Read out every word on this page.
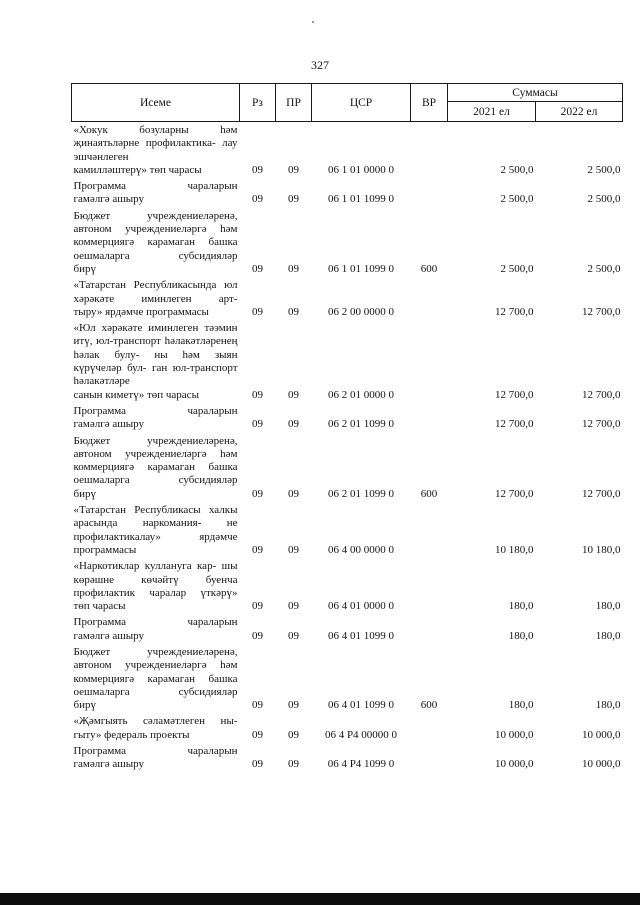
327
Исеме	Рз	ПР	ЦСР	ВР	Суммасы	
					2021 ел	2022 ел
«Хокук бозуларны һәм җинаятьләрне профилактика- лау эшчәнлеген
камилләштерү» төп чарасы	09	09	06 1 01 0000 0		2 500,0	2 500,0
Программа чараларын
гамәлгә ашыру	09	09	06 1 01 1099 0		2 500,0	2 500,0
Бюджет учреждениеләренә, автоном учреждениеләргә һәм коммерциягә карамаган башка оешмаларга субсидияләр
бирү	09	09	06 1 01 1099 0	600	2 500,0	2 500,0
«Татарстан Республикасында юл хәрәкәте иминлеген арт-
тыру» ярдәмче программасы	09	09	06 2 00 0000 0		12 700,0	12 700,0
«Юл хәрәкәте иминлеген тәэмин итү, юл-транспорт һәлакәтләренең һәлак булу- ны һәм зыян күрүчеләр бул- ган юл-транспорт һәлакәтләре
санын киметү» төп чарасы	09	09	06 2 01 0000 0		12 700,0	12 700,0
Программа чараларын
гамәлгә ашыру	09	09	06 2 01 1099 0		12 700,0	12 700,0
Бюджет учреждениеләренә, автоном учреждениеләргә һәм коммерциягә карамаган башка оешмаларга субсидияләр
бирү	09	09	06 2 01 1099 0	600	12 700,0	12 700,0
«Татарстан Республикасы халкы арасында наркомания- не профилактикалау» ярдәмче
программасы	09	09	06 4 00 0000 0		10 180,0	10 180,0
«Наркотиклар куллануга кар- шы көрәшне көчәйтү буенча профилактик чаралар үткәрү»
төп чарасы	09	09	06 4 01 0000 0		180,0	180,0
Программа чараларын
гамәлгә ашыру	09	09	06 4 01 1099 0		180,0	180,0
Бюджет учреждениеләренә, автоном учреждениеләргә һәм коммерциягә карамаган башка оешмаларга субсидияләр
бирү	09	09	06 4 01 1099 0	600	180,0	180,0
«Җәмгыять сәламәтлеген ны-
гыту» федераль проекты	09	09	06 4 Р4 00000 0		10 000,0	10 000,0
Программа чараларын
гамәлгә ашыру	09	09	06 4 Р4 1099 0		10 000,0	10 000,0
